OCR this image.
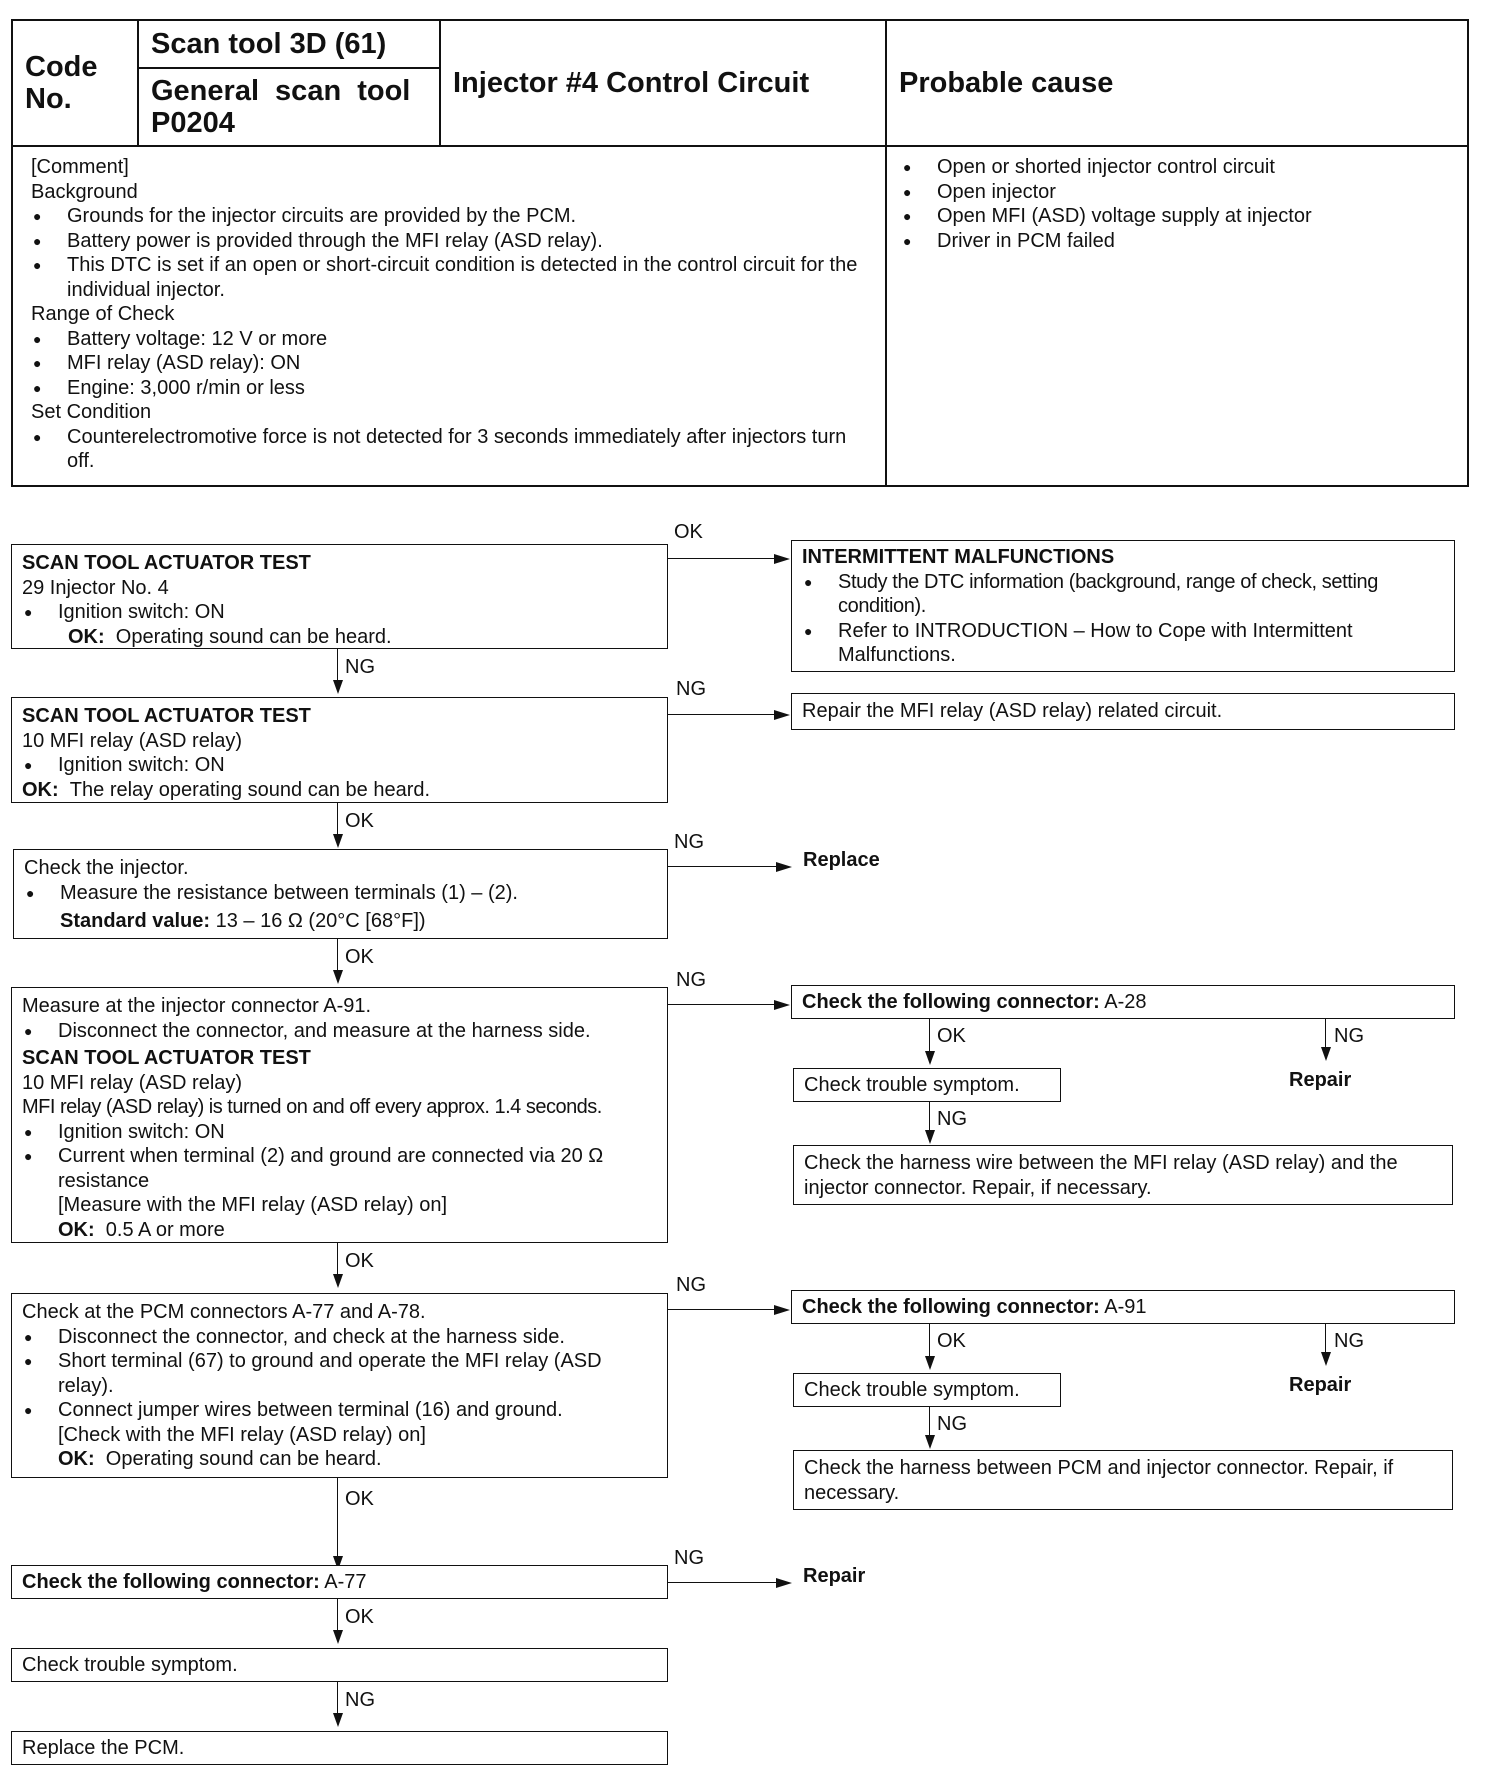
Code No.	Scan tool 3D (61)	Injector #4 Control Circuit	Probable cause

	General scan tool
P0204		

[Comment]
Background
● Grounds for the injector circuits are provided by the PCM.
● Battery power is provided through the MFI relay (ASD relay).
● This DTC is set if an open or short-circuit condition is detected in the control circuit for the individual injector.
Range of Check
● Battery voltage: 12 V or more
● MFI relay (ASD relay): ON
● Engine: 3,000 r/min or less
Set Condition
● Counterelectromotive force is not detected for 3 seconds immediately after injectors turn off.

● Open or shorted injector control circuit
● Open injector
● Open MFI (ASD) voltage supply at injector
● Driver in PCM failed
SCAN TOOL ACTUATOR TEST
29 Injector No. 4
● Ignition switch: ON
OK: Operating sound can be heard.
OK
INTERMITTENT MALFUNCTIONS
● Study the DTC information (background, range of check, setting condition).
● Refer to INTRODUCTION – How to Cope with Intermittent Malfunctions.
NG
SCAN TOOL ACTUATOR TEST
10 MFI relay (ASD relay)
● Ignition switch: ON
OK: The relay operating sound can be heard.
NG
Repair the MFI relay (ASD relay) related circuit.
OK
Check the injector.
● Measure the resistance between terminals (1) – (2).
Standard value: 13 – 16 Ω (20°C [68°F])
NG
Replace
OK
Measure at the injector connector A-91.
● Disconnect the connector, and measure at the harness side.
SCAN TOOL ACTUATOR TEST
10 MFI relay (ASD relay)
MFI relay (ASD relay) is turned on and off every approx. 1.4 seconds.
● Ignition switch: ON
● Current when terminal (2) and ground are connected via 20 Ω resistance
[Measure with the MFI relay (ASD relay) on]
OK: 0.5 A or more
NG
Check the following connector: A-28
OK	NG
Repair
Check trouble symptom.
NG
Check the harness wire between the MFI relay (ASD relay) and the injector connector. Repair, if necessary.
OK
Check at the PCM connectors A-77 and A-78.
● Disconnect the connector, and check at the harness side.
● Short terminal (67) to ground and operate the MFI relay (ASD relay).
● Connect jumper wires between terminal (16) and ground.
[Check with the MFI relay (ASD relay) on]
OK: Operating sound can be heard.
NG
Check the following connector: A-91
OK	NG
Repair
Check trouble symptom.
NG
Check the harness between PCM and injector connector. Repair, if necessary.
OK
Check the following connector: A-77
NG
Repair
OK
Check trouble symptom.
NG
Replace the PCM.
